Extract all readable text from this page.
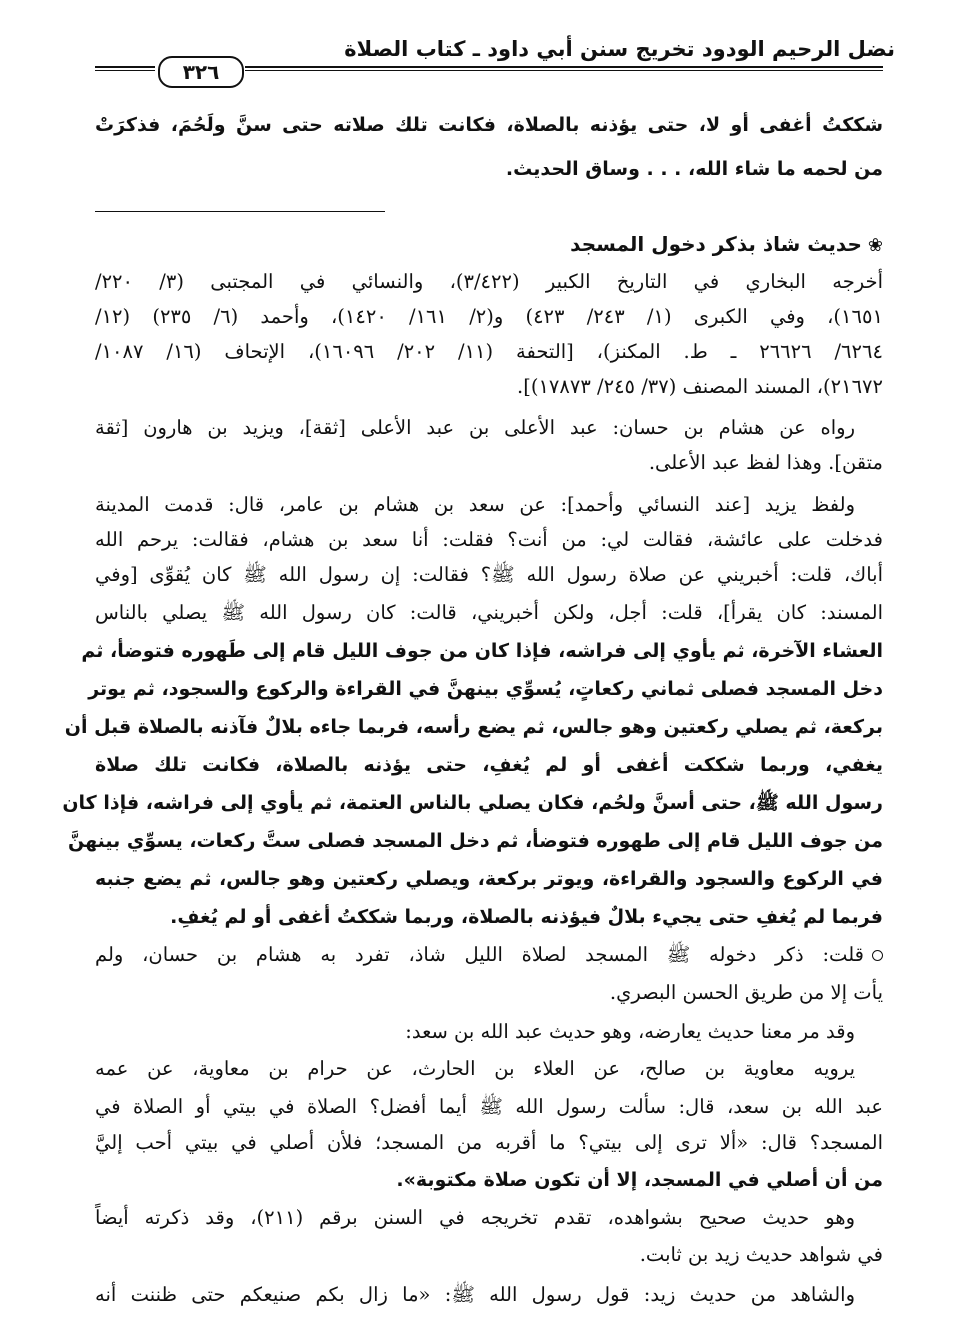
نضل الرحيم الودود تخريج سنن أبي داود ـ كتاب الصلاة
٣٢٦
شككتُ أغفى أو لا، حتى يؤذنه بالصلاة، فكانت تلك صلاته حتى سنَّ ولَحُمَ، فذكرَتْ
من لحمه ما شاء الله، . . . وساق الحديث.
❀حديث شاذ بذكر دخول المسجد
أخرجه البخاري في التاريخ الكبير (٣/٤٢٢)، والنسائي في المجتبى (٣/ ٢٢٠/
١٦٥١)، وفي الكبرى (١/ ٢٤٣/ ٤٢٣) و(٢/ ١٦١/ ١٤٢٠)، وأحمد (٦/ ٢٣٥) (١٢/
٦٢٦٤/ ٢٦٦٢٦ ـ ط. المكنز)، [التحفة (١١/ ٢٠٢/ ١٦٠٩٦)، الإتحاف (١٦/ ١٠٨٧/
٢١٦٧٢)، المسند المصنف (٣٧/ ٢٤٥/ ١٧٨٧٣)].
رواه عن هشام بن حسان: عبد الأعلى بن عبد الأعلى [ثقة]، ويزيد بن هارون [ثقة
متقن]. وهذا لفظ عبد الأعلى.
ولفظ يزيد [عند النسائي وأحمد]: عن سعد بن هشام بن عامر، قال: قدمت المدينة
فدخلت على عائشة، فقالت لي: من أنت؟ فقلت: أنا سعد بن هشام، فقالت: يرحم الله
أباك، قلت: أخبريني عن صلاة رسول الله ﷺ؟ فقالت: إن رسول الله ﷺ كان يُقوِّى [وفي
المسند: كان يقرأ]، قلت: أجل، ولكن أخبريني، قالت: كان رسول الله ﷺ يصلي بالناس
العشاء الآخرة، ثم يأوي إلى فراشه، فإذا كان من جوف الليل قام إلى طَهوره فتوضأ، ثم
دخل المسجد فصلى ثماني ركعاتٍ، يُسوِّي بينهنَّ في القراءة والركوع والسجود، ثم يوتر
بركعة، ثم يصلي ركعتين وهو جالس، ثم يضع رأسه، فربما جاءه بلالٌ فآذنه بالصلاة قبل أن
يغفي، وربما شككت أغفى أو لم يُغفِ، حتى يؤذنه بالصلاة، فكانت تلك صلاة
رسول الله ﷺ، حتى أسنَّ ولحُم، فكان يصلي بالناس العتمة، ثم يأوي إلى فراشه، فإذا كان
من جوف الليل قام إلى طهوره فتوضأ، ثم دخل المسجد فصلى ستَّ ركعات، يسوِّي بينهنَّ
في الركوع والسجود والقراءة، ويوتر بركعة، ويصلي ركعتين وهو جالس، ثم يضع جنبه
فربما لم يُغفِ حتى يجيء بلالٌ فيؤذنه بالصلاة، وربما شككتُ أغفى أو لم يُغفِ.
قلت: ذكر دخوله ﷺ المسجد لصلاة الليل شاذ، تفرد به هشام بن حسان، ولم
يأت إلا من طريق الحسن البصري.
وقد مر معنا حديث يعارضه، وهو حديث عبد الله بن سعد:
يرويه معاوية بن صالح، عن العلاء بن الحارث، عن حرام بن معاوية، عن عمه
عبد الله بن سعد، قال: سألت رسول الله ﷺ أيما أفضل؟ الصلاة في بيتي أو الصلاة في
المسجد؟ قال: «ألا ترى إلى بيتي؟ ما أقربه من المسجد؛ فلأن أصلي في بيتي أحب إليَّ
من أن أصلي في المسجد، إلا أن تكون صلاة مكتوبة».
وهو حديث صحيح بشواهده، تقدم تخريجه في السنن برقم (٢١١)، وقد ذكرته أيضاً
في شواهد حديث زيد بن ثابت.
والشاهد من حديث زيد: قول رسول الله ﷺ: «ما زال بكم صنيعكم حتى ظننت أنه
